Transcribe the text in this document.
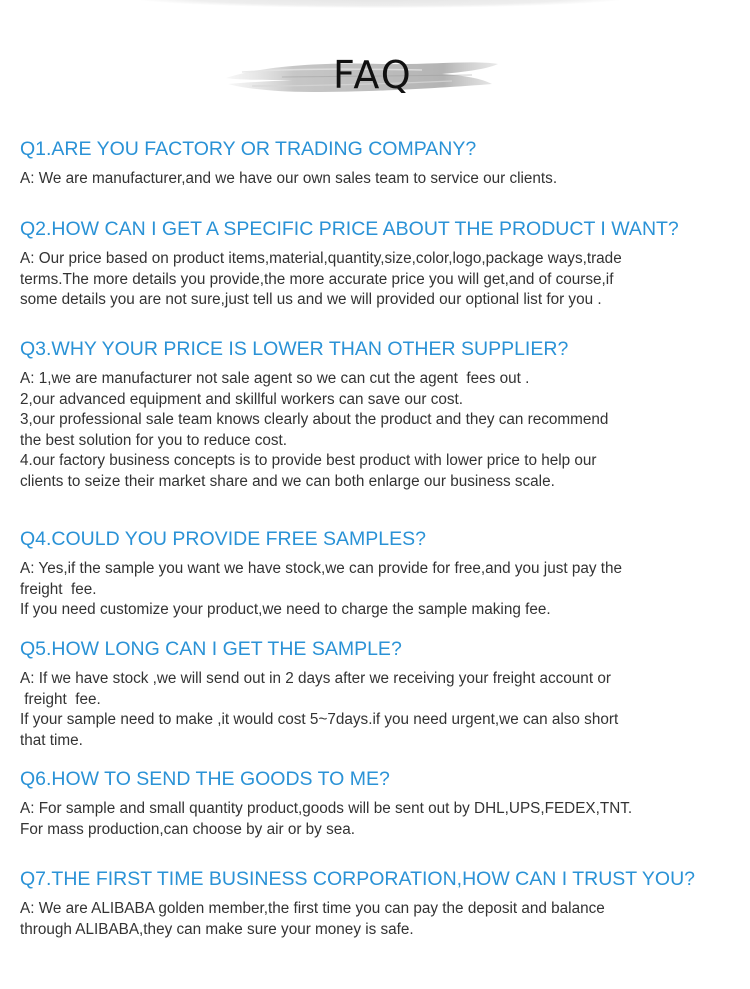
FAQ
Q1.ARE YOU FACTORY OR TRADING COMPANY?
A: We are manufacturer,and we have our own sales team to service our clients.
Q2.HOW CAN I GET A SPECIFIC PRICE ABOUT THE PRODUCT I WANT?
A: Our price based on product items,material,quantity,size,color,logo,package ways,trade
terms.The more details you provide,the more accurate price you will get,and of course,if
some details you are not sure,just tell us and we will provided our optional list for you .
Q3.WHY YOUR PRICE IS LOWER THAN OTHER SUPPLIER?
A: 1,we are manufacturer not sale agent so we can cut the agent  fees out .
2,our advanced equipment and skillful workers can save our cost.
3,our professional sale team knows clearly about the product and they can recommend
the best solution for you to reduce cost.
4.our factory business concepts is to provide best product with lower price to help our
clients to seize their market share and we can both enlarge our business scale.
Q4.COULD YOU PROVIDE FREE SAMPLES?
A: Yes,if the sample you want we have stock,we can provide for free,and you just pay the
freight  fee.
If you need customize your product,we need to charge the sample making fee.
Q5.HOW LONG CAN I GET THE SAMPLE?
A: If we have stock ,we will send out in 2 days after we receiving your freight account or
freight  fee.
If your sample need to make ,it would cost 5~7days.if you need urgent,we can also short
that time.
Q6.HOW TO SEND THE GOODS TO ME?
A: For sample and small quantity product,goods will be sent out by DHL,UPS,FEDEX,TNT.
For mass production,can choose by air or by sea.
Q7.THE FIRST TIME BUSINESS CORPORATION,HOW CAN I TRUST YOU?
A: We are ALIBABA golden member,the first time you can pay the deposit and balance
through ALIBABA,they can make sure your money is safe.
